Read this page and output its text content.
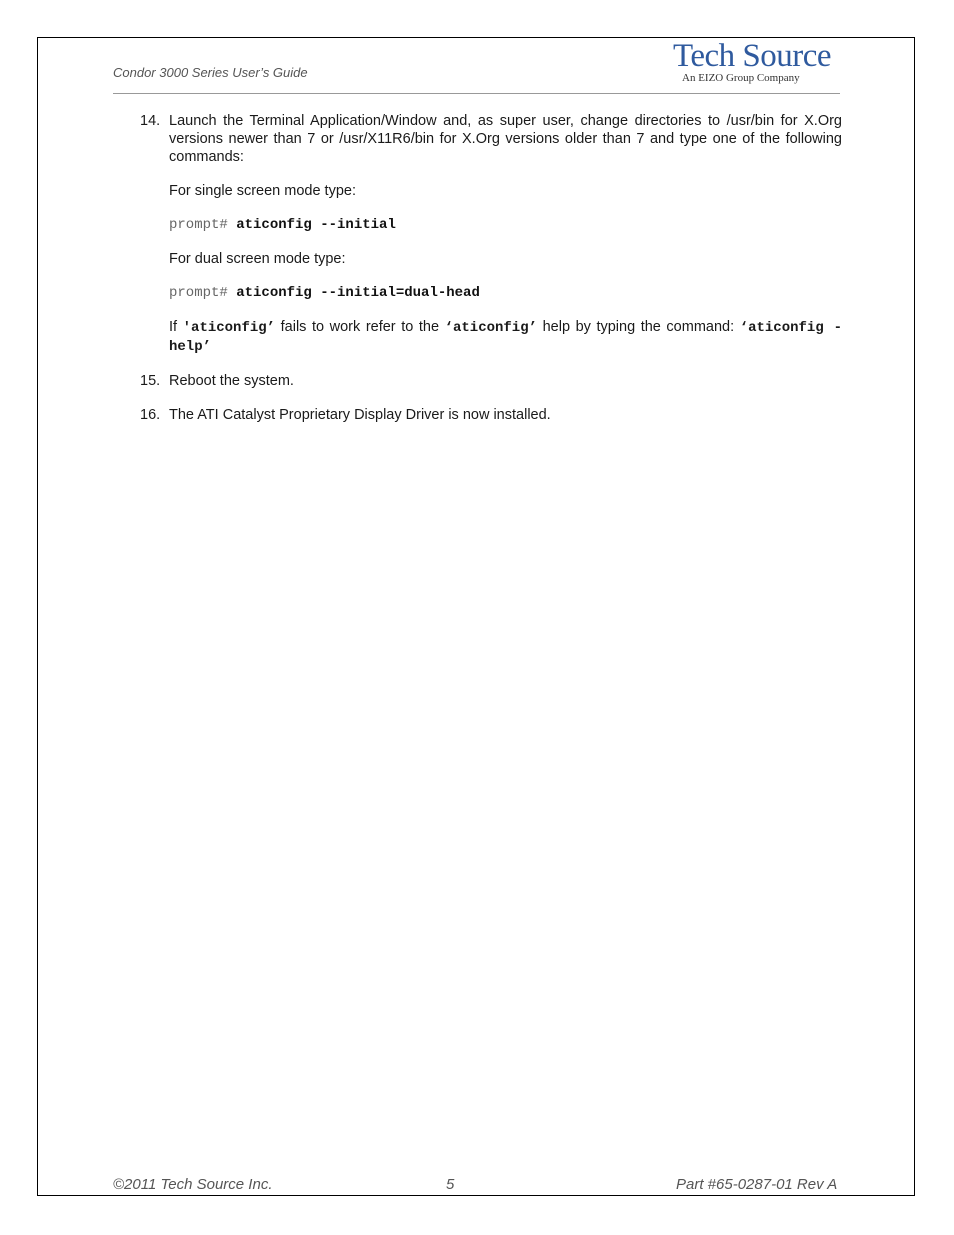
Condor 3000 Series User’s Guide	Tech Source
An EIZO Group Company
14. Launch the Terminal Application/Window and, as super user, change directories to /usr/bin for X.Org versions newer than 7 or /usr/X11R6/bin for X.Org versions older than 7 and type one of the following commands:

For single screen mode type:

prompt# aticonfig --initial

For dual screen mode type:

prompt# aticonfig --initial=dual-head

If 'aticonfig’ fails to work refer to the ‘aticonfig’ help by typing the command: ‘aticonfig -help’

15. Reboot the system.
16. The ATI Catalyst Proprietary Display Driver is now installed.
©2011 Tech Source Inc.	5	Part #65-0287-01 Rev A
